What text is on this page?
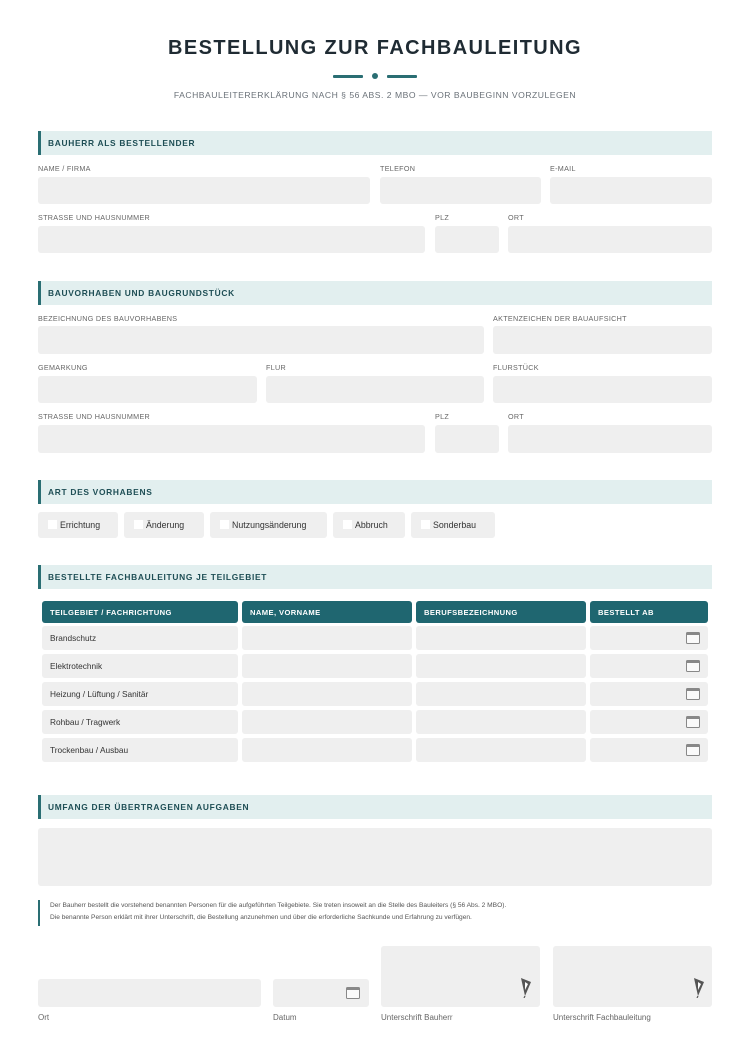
BESTELLUNG ZUR FACHBAULEITUNG
FACHBAULEITERERKLÄRUNG NACH § 56 ABS. 2 MBO — VOR BAUBEGINN VORZULEGEN
BAUHERR ALS BESTELLENDER
NAME / FIRMA	TELEFON	E-MAIL
STRASSE UND HAUSNUMMER	PLZ	ORT
BAUVORHABEN UND BAUGRUNDSTÜCK
BEZEICHNUNG DES BAUVORHABENS	AKTENZEICHEN DER BAUAUFSICHT
GEMARKUNG	FLUR	FLURSTÜCK
STRASSE UND HAUSNUMMER	PLZ	ORT
ART DES VORHABENS
Errichtung	Änderung	Nutzungsänderung	Abbruch	Sonderbau
BESTELLTE FACHBAULEITUNG JE TEILGEBIET
TEILGEBIET / FACHRICHTUNG	NAME, VORNAME	BERUFSBEZEICHNUNG	BESTELLT AB
Brandschutz
Elektrotechnik
Heizung / Lüftung / Sanitär
Rohbau / Tragwerk
Trockenbau / Ausbau
UMFANG DER ÜBERTRAGENEN AUFGABEN
Der Bauherr bestellt die vorstehend benannten Personen für die aufgeführten Teilgebiete. Sie treten insoweit an die Stelle des Bauleiters (§ 56 Abs. 2 MBO).
Die benannte Person erklärt mit ihrer Unterschrift, die Bestellung anzunehmen und über die erforderliche Sachkunde und Erfahrung zu verfügen.
Ort	Datum	Unterschrift Bauherr	Unterschrift Fachbauleitung
